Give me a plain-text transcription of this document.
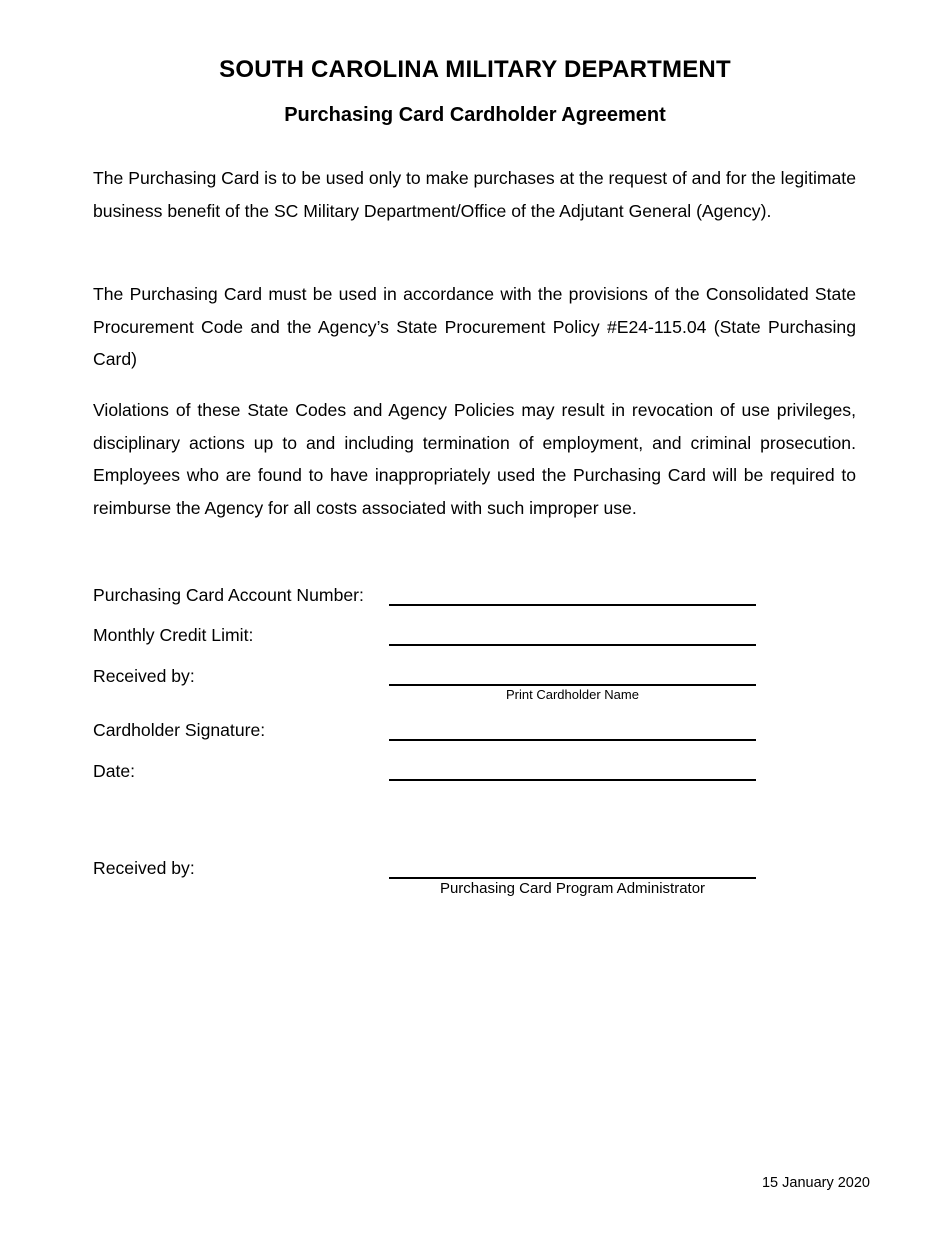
SOUTH CAROLINA MILITARY DEPARTMENT
Purchasing Card Cardholder Agreement

The Purchasing Card is to be used only to make purchases at the request of and for the legitimate business benefit of the SC Military Department/Office of the Adjutant General (Agency).

The Purchasing Card must be used in accordance with the provisions of the Consolidated State Procurement Code and the Agency’s State Procurement Policy #E24-115.04 (State Purchasing Card)

Violations of these State Codes and Agency Policies may result in revocation of use privileges, disciplinary actions up to and including termination of employment, and criminal prosecution. Employees who are found to have inappropriately used the Purchasing Card will be required to reimburse the Agency for all costs associated with such improper use.

Purchasing Card Account Number:
Monthly Credit Limit:
Received by:
Print Cardholder Name
Cardholder Signature:
Date:
Received by:
Purchasing Card Program Administrator
15 January 2020
